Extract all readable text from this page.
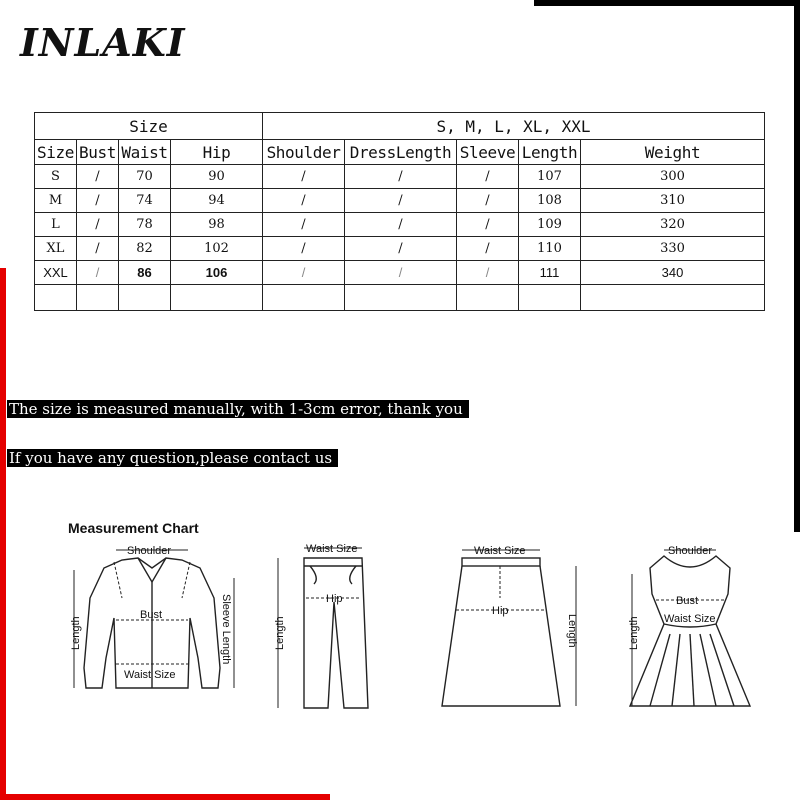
INLAKI
Size				S, M, L, XL, XXL				
Size	Bust	Waist	Hip	Shoulder	DressLength	Sleeve	Length	Weight
S	/	70	90	/	/	/	107	300
M	/	74	94	/	/	/	108	310
L	/	78	98	/	/	/	109	320
XL	/	82	102	/	/	/	110	330
XXL	/	86	106	/	/	/	111	340

The size is measured manually, with 1-3cm error, thank you
If you have any question,please contact us
Measurement Chart
Shoulder
Bust
Waist Size
Length	Sleeve Length
Waist Size
Hip
Length
Waist Size
Hip
Length
Shoulder
Bust
Waist Size
Length
